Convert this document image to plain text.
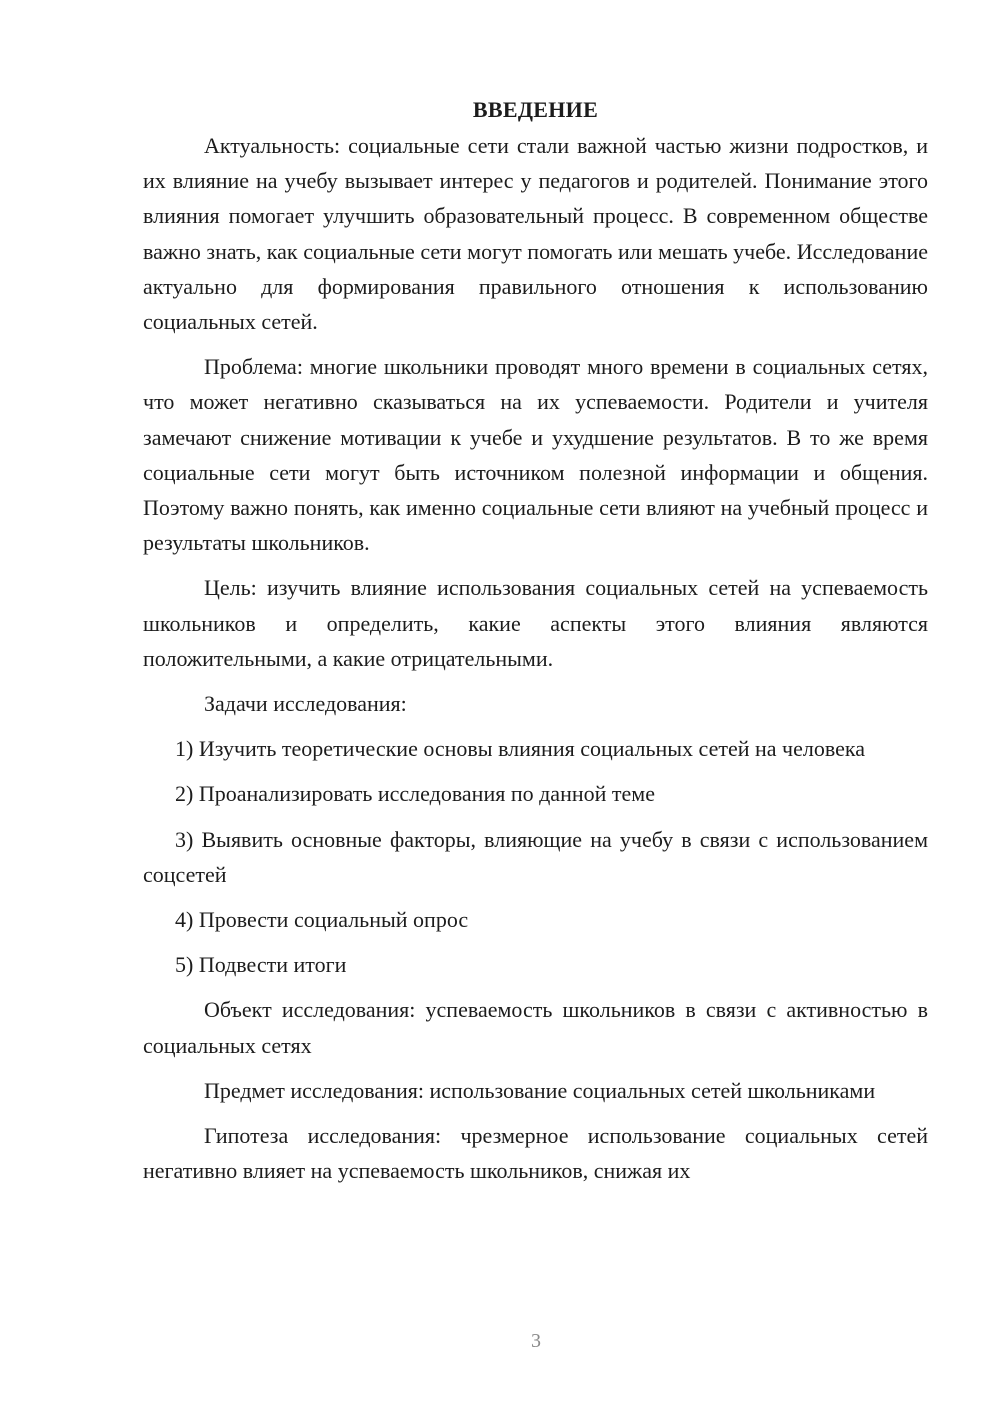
ВВЕДЕНИЕ

Актуальность: социальные сети стали важной частью жизни подростков, и их влияние на учебу вызывает интерес у педагогов и родителей. Понимание этого влияния помогает улучшить образовательный процесс. В современном обществе важно знать, как социальные сети могут помогать или мешать учебе. Исследование актуально для формирования правильного отношения к использованию социальных сетей.

Проблема: многие школьники проводят много времени в социальных сетях, что может негативно сказываться на их успеваемости. Родители и учителя замечают снижение мотивации к учебе и ухудшение результатов. В то же время социальные сети могут быть источником полезной информации и общения. Поэтому важно понять, как именно социальные сети влияют на учебный процесс и результаты школьников.

Цель: изучить влияние использования социальных сетей на успеваемость школьников и определить, какие аспекты этого влияния являются положительными, а какие отрицательными.

Задачи исследования:

1) Изучить теоретические основы влияния социальных сетей на человека

2) Проанализировать исследования по данной теме

3) Выявить основные факторы, влияющие на учебу в связи с использованием соцсетей

4) Провести социальный опрос

5) Подвести итоги

Объект исследования: успеваемость школьников в связи с активностью в социальных сетях

Предмет исследования: использование социальных сетей школьниками

Гипотеза исследования: чрезмерное использование социальных сетей негативно влияет на успеваемость школьников, снижая их

3
